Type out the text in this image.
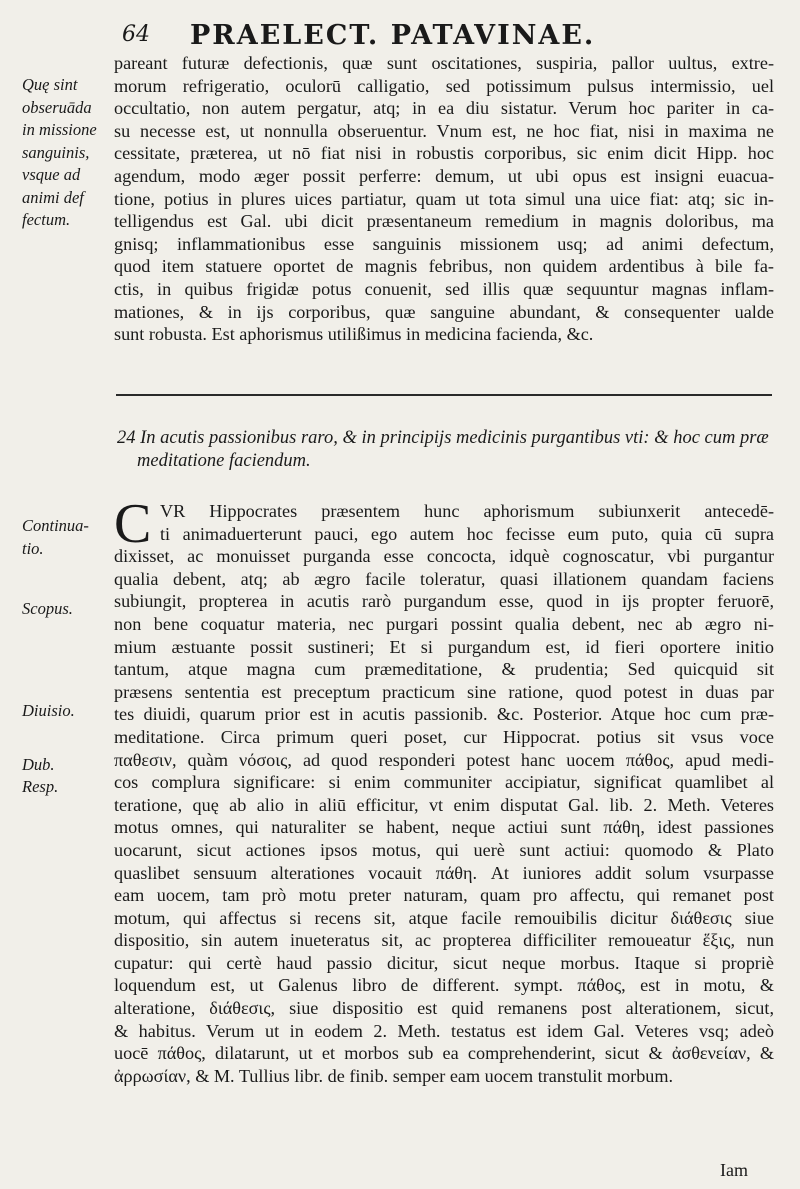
64 PRAELECT. PATAVINAE.
Quę sint
obseruāda
in missione
sanguinis,
vsque ad
animi def
fectum.
Continua-
tio.
Scopus.
Diuisio.
Dub.
Resp.
pareant futuræ defectionis, quæ sunt oscitationes, suspiria, pallor uultus, extre-
morum refrigeratio, oculorū calligatio, sed potissimum pulsus intermissio, uel
occultatio, non autem pergatur, atq; in ea diu sistatur. Verum hoc pariter in ca-
su necesse est, ut nonnulla obseruentur. Vnum est, ne hoc fiat, nisi in maxima ne
cessitate, præterea, ut nō fiat nisi in robustis corporibus, sic enim dicit Hipp. hoc
agendum, modo æger possit perferre: demum, ut ubi opus est insigni euacua-
tione, potius in plures uices partiatur, quam ut tota simul una uice fiat: atq; sic in-
telligendus est Gal. ubi dicit præsentaneum remedium in magnis doloribus, ma
gnisq; inflammationibus esse sanguinis missionem usq; ad animi defectum,
quod item statuere oportet de magnis febribus, non quidem ardentibus à bile fa-
ctis, in quibus frigidæ potus conuenit, sed illis quæ sequuntur magnas inflam-
mationes, & in ijs corporibus, quæ sanguine abundant, & consequenter ualde
sunt robusta. Est aphorismus utilißimus in medicina facienda, &c.
24 In acutis passionibus raro, & in principijs medicinis purgantibus vti: & hoc cum præ
meditatione faciendum.
C VR Hippocrates præsentem hunc aphorismum subiunxerit antecedē-
ti animaduerterunt pauci, ego autem hoc fecisse eum puto, quia cū supra
dixisset, ac monuisset purganda esse concocta, idquè cognoscatur, vbi purgantur
qualia debent, atq; ab ægro facile toleratur, quasi illationem quandam faciens
subiungit, propterea in acutis rarò purgandum esse, quod in ijs propter feruorē,
non bene coquatur materia, nec purgari possint qualia debent, nec ab ægro ni-
mium æstuante possit sustineri; Et si purgandum est, id fieri oportere initio
tantum, atque magna cum præmeditatione, & prudentia; Sed quicquid sit
præsens sententia est preceptum practicum sine ratione, quod potest in duas par
tes diuidi, quarum prior est in acutis passionib. &c. Posterior. Atque hoc cum præ-
meditatione. Circa primum queri poset, cur Hippocrat. potius sit vsus voce
παθεσιν, quàm νόσοις, ad quod responderi potest hanc uocem πάθος, apud medi-
cos complura significare: si enim communiter accipiatur, significat quamlibet al
teratione, quę ab alio in aliū efficitur, vt enim disputat Gal. lib. 2. Meth. Veteres
motus omnes, qui naturaliter se habent, neque actiui sunt πάθη, idest passiones
uocarunt, sicut actiones ipsos motus, qui uerè sunt actiui: quomodo & Plato
quaslibet sensuum alterationes vocauit πάθη. At iuniores addit solum vsurpasse
eam uocem, tam prò motu preter naturam, quam pro affectu, qui remanet post
motum, qui affectus si recens sit, atque facile remouibilis dicitur διάθεσις siue
dispositio, sin autem inueteratus sit, ac propterea difficiliter remoueatur ἕξις, nun
cupatur: qui certè haud passio dicitur, sicut neque morbus. Itaque si propriè
loquendum est, ut Galenus libro de different. sympt. πάθος, est in motu, &
alteratione, διάθεσις, siue dispositio est quid remanens post alterationem, sicut,
& habitus. Verum ut in eodem 2. Meth. testatus est idem Gal. Veteres vsq; adeò
uocē πάθος, dilatarunt, ut et morbos sub ea comprehenderint, sicut & ἀσθενείαν, &
ἀρρωσίαν, & M. Tullius libr. de finib. semper eam uocem transtulit morbum.
Iam
